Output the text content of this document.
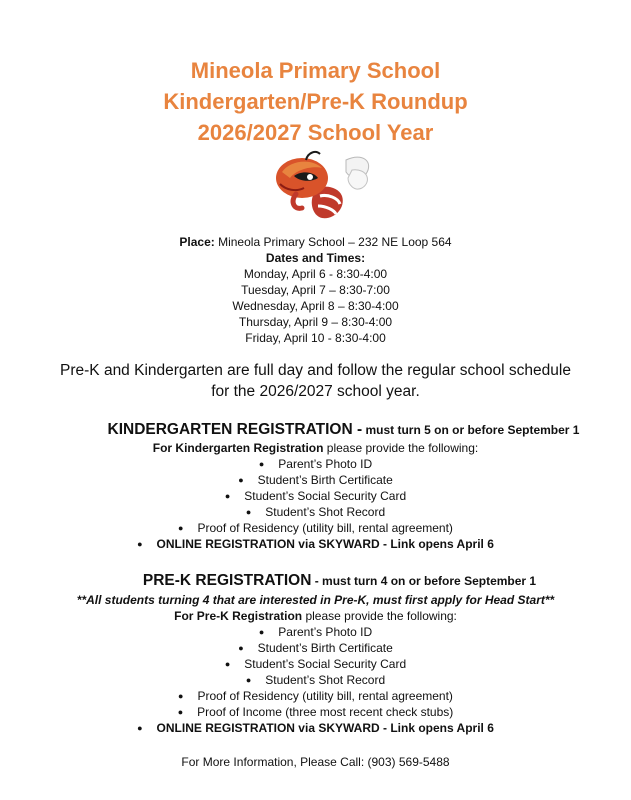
Mineola Primary School
Kindergarten/Pre-K Roundup
2026/2027 School Year
Place: Mineola Primary School – 232 NE Loop 564
Dates and Times:
Monday, April 6 - 8:30-4:00
Tuesday, April 7 – 8:30-7:00
Wednesday, April 8 – 8:30-4:00
Thursday, April 9 – 8:30-4:00
Friday, April 10 - 8:30-4:00
Pre-K and Kindergarten are full day and follow the regular school schedule
for the 2026/2027 school year.
KINDERGARTEN REGISTRATION - must turn 5 on or before September 1
For Kindergarten Registration please provide the following:
● Parent’s Photo ID
● Student’s Birth Certificate
● Student’s Social Security Card
● Student’s Shot Record
● Proof of Residency (utility bill, rental agreement)
● ONLINE REGISTRATION via SKYWARD - Link opens April 6
PRE-K REGISTRATION - must turn 4 on or before September 1
**All students turning 4 that are interested in Pre-K, must first apply for Head Start**
For Pre-K Registration please provide the following:
● Parent’s Photo ID
● Student’s Birth Certificate
● Student’s Social Security Card
● Student’s Shot Record
● Proof of Residency (utility bill, rental agreement)
● Proof of Income (three most recent check stubs)
● ONLINE REGISTRATION via SKYWARD - Link opens April 6
For More Information, Please Call: (903) 569-5488
